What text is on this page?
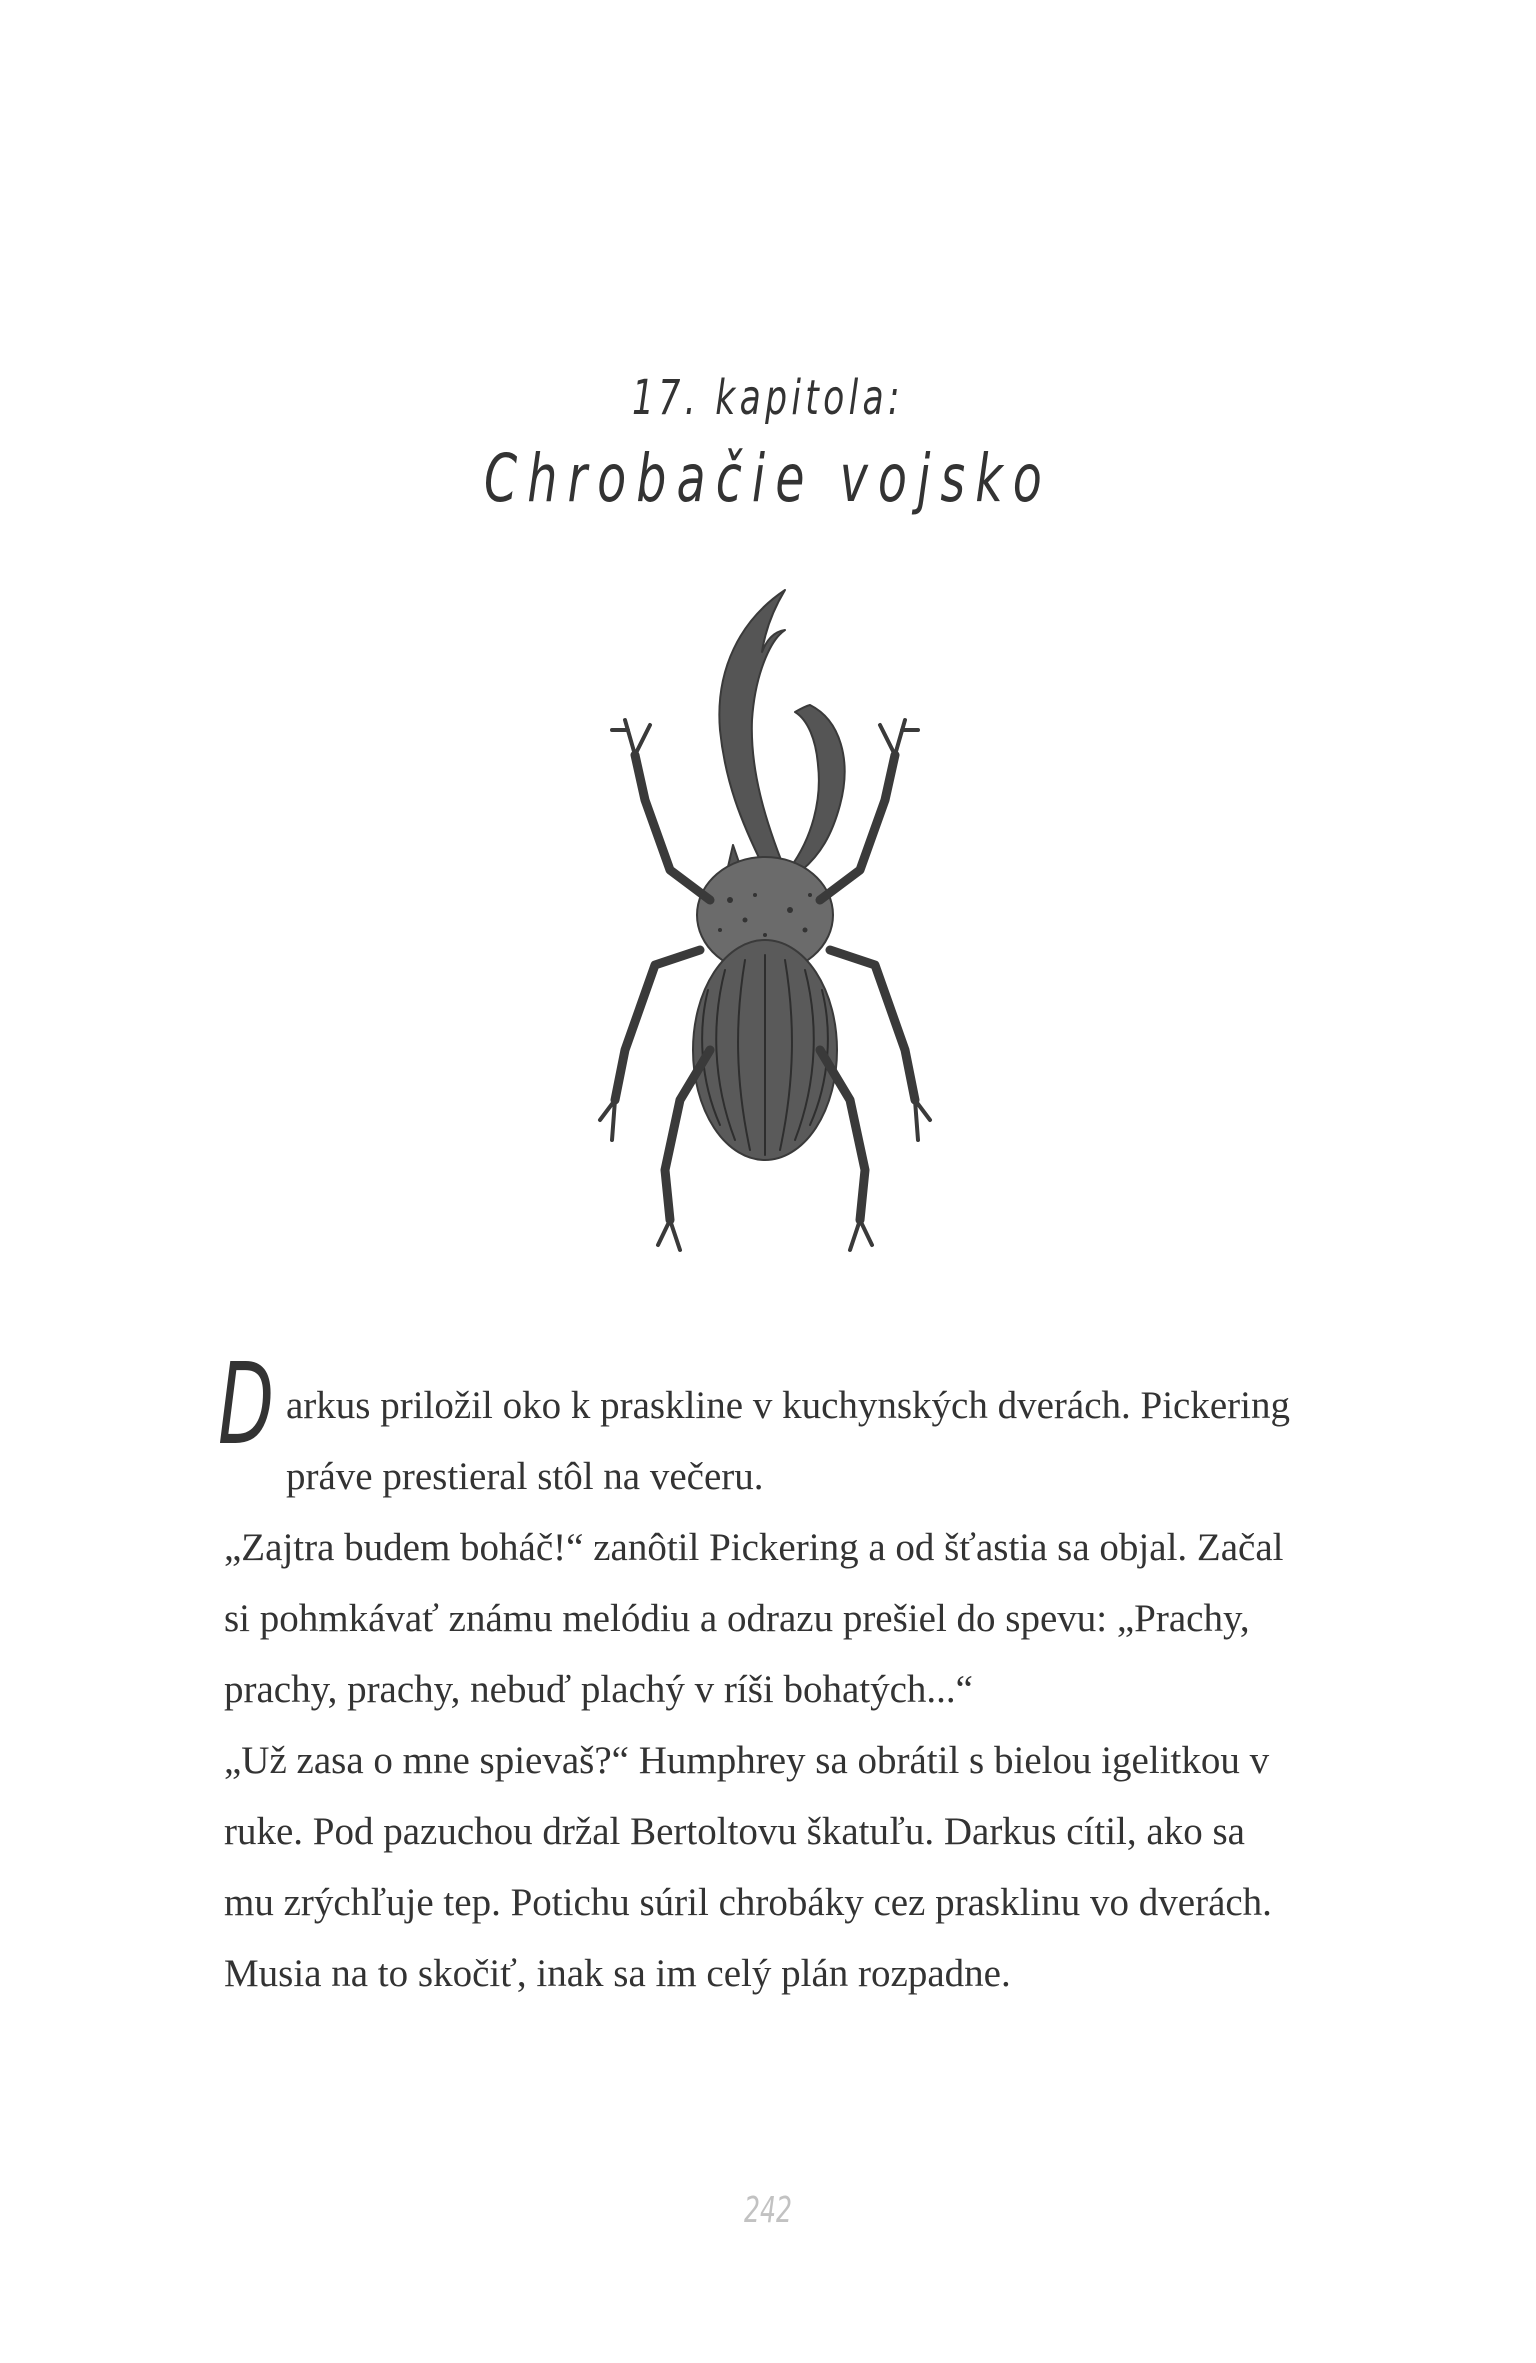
17. kapitola:
Chrobačie vojsko

Darkus priložil oko k praskline v kuchynských dverách. Pickering práve prestieral stôl na večeru.

„Zajtra budem boháč!“ zanôtil Pickering a od šťastia sa objal. Začal si pohmkávať známu melódiu a odrazu prešiel do spevu: „Prachy, prachy, prachy, nebuď plachý v ríši bohatých...“

„Už zasa o mne spievaš?“ Humphrey sa obrátil s bielou igelitkou v ruke. Pod pazuchou držal Bertoltovu škatuľu. Darkus cítil, ako sa mu zrýchľuje tep. Potichu súril chrobáky cez prasklinu vo dverách. Musia na to skočiť, inak sa im celý plán rozpadne.

242
